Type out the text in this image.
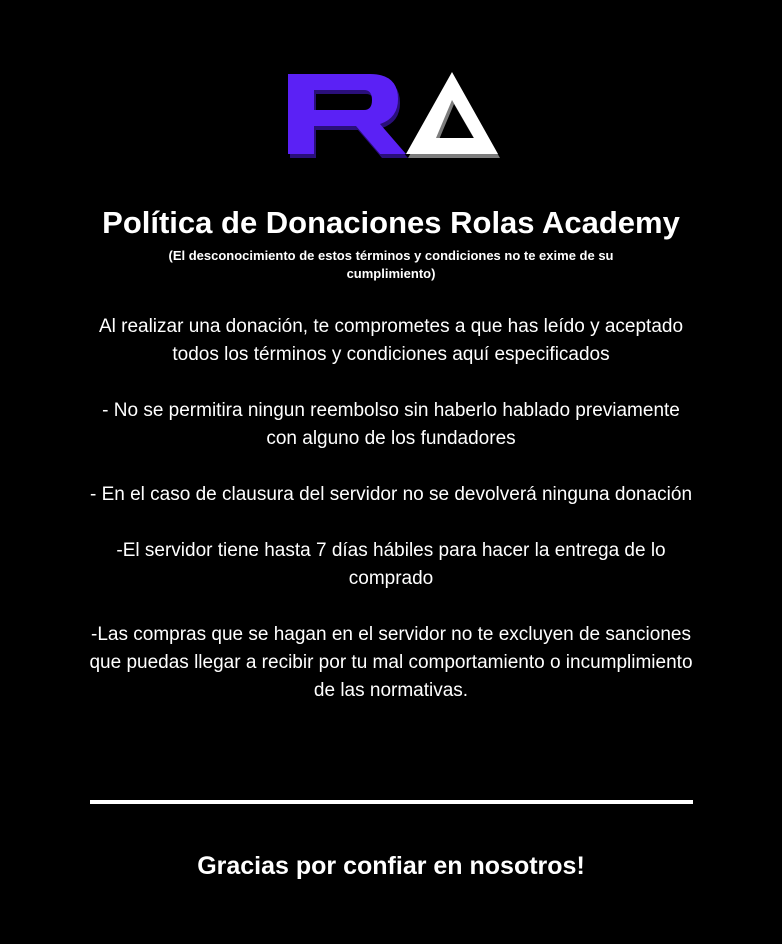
Política de Donaciones Rolas Academy

(El desconocimiento de estos términos y condiciones no te exime de su cumplimiento)

Al realizar una donación, te comprometes a que has leído y aceptado todos los términos y condiciones aquí especificados
- No se permitira ningun reembolso sin haberlo hablado previamente con alguno de los fundadores
- En el caso de clausura del servidor no se devolverá ninguna donación
-El servidor tiene hasta 7 días hábiles para hacer la entrega de lo comprado
-Las compras que se hagan en el servidor no te excluyen de sanciones que puedas llegar a recibir por tu mal comportamiento o incumplimiento de las normativas.

Gracias por confiar en nosotros!
